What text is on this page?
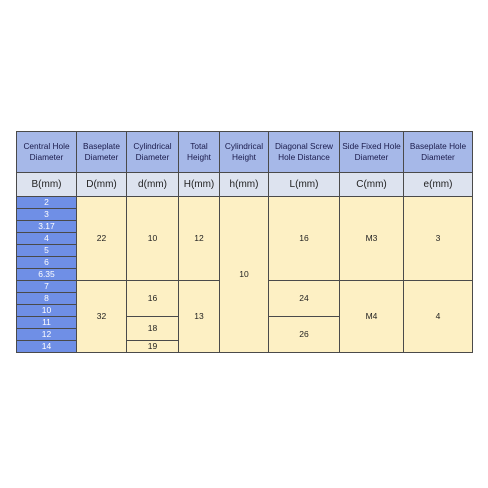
Central Hole Diameter	Baseplate Diameter	Cylindrical Diameter	Total Height	Cylindrical Height	Diagonal Screw Hole Distance	Side Fixed Hole Diameter	Baseplate Hole Diameter
B(mm)	D(mm)	d(mm)	H(mm)	h(mm)	L(mm)	C(mm)	e(mm)
2	22	10	12	10	16	M3	3
3							
3.17							
4							
5							
6							
6.35							
7	32	16	13		24	M4	4
8							
10							
11		18			26		
12							
14		19					
